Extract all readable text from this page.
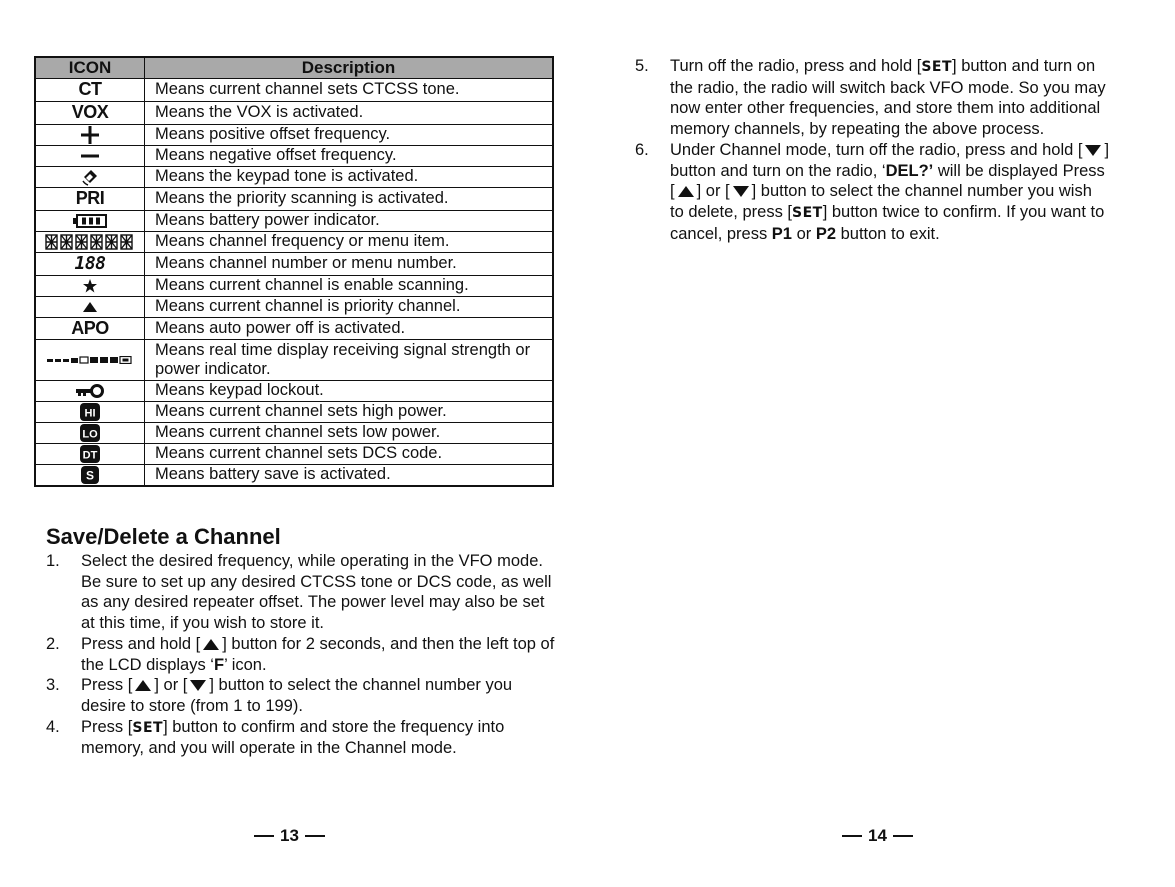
ICON	Description
CT	Means current channel sets CTCSS tone.
VOX	Means the VOX is activated.

	Means positive offset frequency.

	Means negative offset frequency.

	Means the keypad tone is activated.
PRI	Means the priority scanning is activated.

	Means battery power indicator.

	Means channel frequency or menu item.
188	Means channel number or menu number.

	Means current channel is enable scanning.

	Means current channel is priority channel.
APO	Means auto power off is activated.

	Means real time display receiving signal strength or power indicator.

	Means keypad lockout.

HI	Means current channel sets high power.

LO	Means current channel sets low power.

DT	Means current channel sets DCS code.

S	Means battery save is activated.
Save/Delete a Channel
1. Select the desired frequency, while operating in the VFO mode. Be sure to set up any desired CTCSS tone or DCS code, as well as any desired repeater offset. The power level may also be set at this time, if you wish to store it.
2. Press and hold [ ] button for 2 seconds, and then the left top of the LCD displays ‘F’ icon.
3. Press [ ] or [ ] button to select the channel number you desire to store (from 1 to 199).
4. Press [SET] button to confirm and store the frequency into memory, and you will operate in the Channel mode.
13
5. Turn off the radio, press and hold [SET] button and turn on the radio, the radio will switch back VFO mode. So you may now enter other frequencies, and store them into additional memory channels, by repeating the above process.
6. Under Channel mode, turn off the radio, press and hold [ ] button and turn on the radio, ‘DEL?’ will be displayed Press [ ] or [ ] button to select the channel number you wish to delete, press [SET] button twice to confirm. If you want to cancel, press P1 or P2 button to exit.
14
